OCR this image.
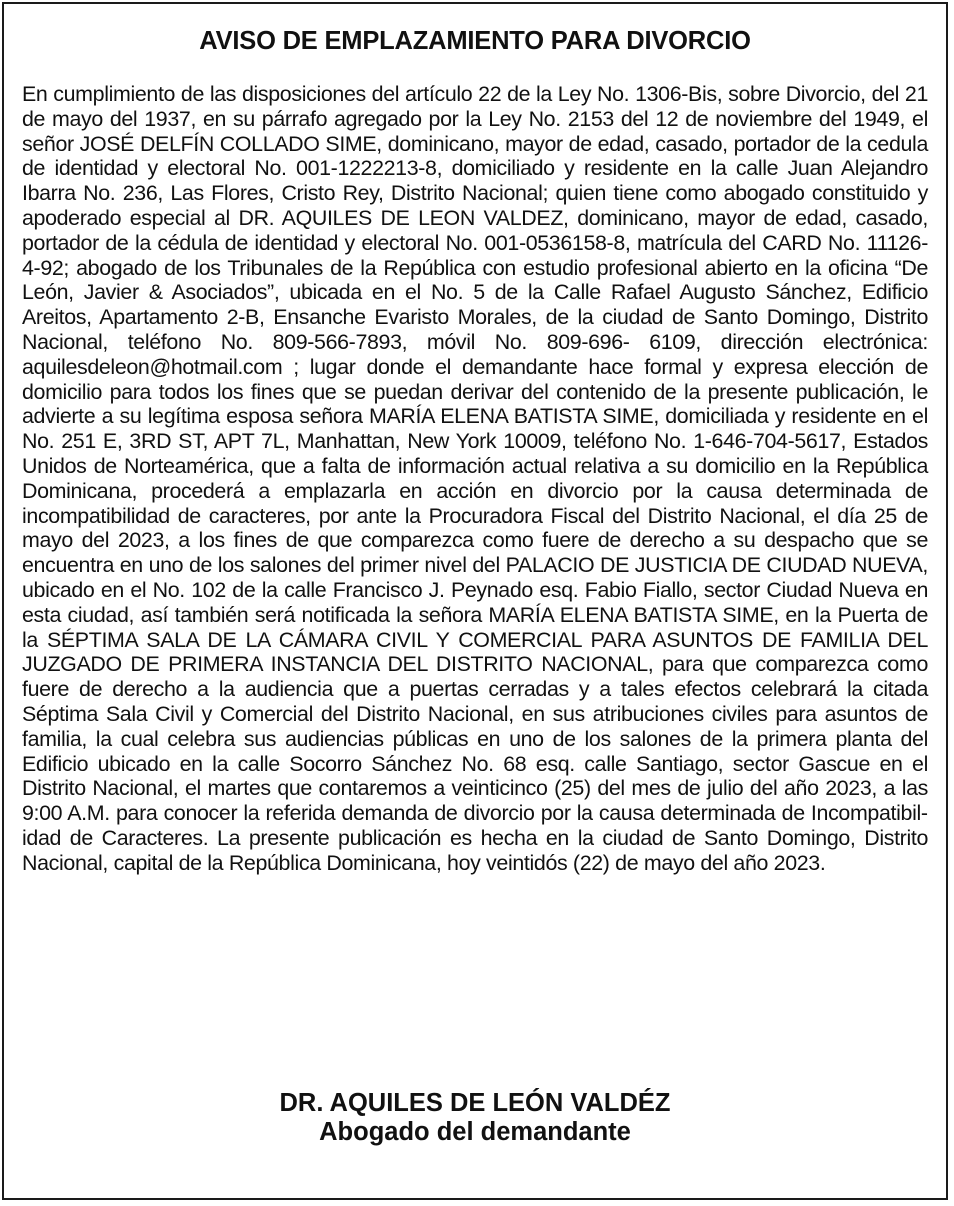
AVISO DE EMPLAZAMIENTO PARA DIVORCIO
En cumplimiento de las disposiciones del artículo 22 de la Ley No. 1306-Bis, sobre Divorcio, del 21 de mayo del 1937, en su párrafo agregado por la Ley No. 2153 del 12 de noviembre del 1949, el señor JOSÉ DELFÍN COLLADO SIME, dominicano, mayor de edad, casado, portador de la cedula de identidad y electoral No. 001-1222213-8, domiciliado y residente en la calle Juan Alejandro Ibarra No. 236, Las Flores, Cristo Rey, Distrito Nacional; quien tiene como abogado constituido y apoderado especial al DR. AQUILES DE LEON VALDEZ, dominicano, mayor de edad, casado, portador de la cédula de identidad y electoral No. 001-0536158-8, matrícula del CARD No. 11126-4-92; abogado de los Tribunales de la República con estudio profesional abierto en la oficina “De León, Javier & Asociados”, ubicada en el No. 5 de la Calle Rafael Augusto Sánchez, Edificio Areitos, Apartamento 2-B, Ensanche Evaristo Morales, de la ciudad de Santo Domingo, Distrito Nacional, teléfono No. 809-566-7893, móvil No. 809-696- 6109, dirección electrónica: aquilesdeleon@hotmail.com ; lugar donde el demandante hace formal y expresa elección de domicilio para todos los fines que se puedan derivar del contenido de la presente publicación, le advierte a su legítima esposa señora MARÍA ELENA BATISTA SIME, domiciliada y residente en el No. 251 E, 3RD ST, APT 7L, Manhattan, New York 10009, teléfono No. 1-646-704-5617, Estados Unidos de Norteamérica, que a falta de información actual relativa a su domicilio en la República Dominicana, procederá a emplazarla en acción en divorcio por la causa determinada de incompatibilidad de caracteres, por ante la Procuradora Fiscal del Distrito Nacional, el día 25 de mayo del 2023, a los fines de que comparezca como fuere de derecho a su despacho que se encuentra en uno de los salones del primer nivel del PALACIO DE JUSTICIA DE CIUDAD NUEVA, ubicado en el No. 102 de la calle Francisco J. Peynado esq. Fabio Fiallo, sector Ciudad Nueva en esta ciudad, así también será notificada la señora MARÍA ELENA BATISTA SIME, en la Puerta de la SÉPTIMA SALA DE LA CÁMARA CIVIL Y COMERCIAL PARA ASUNTOS DE FAMILIA DEL JUZGADO DE PRIMERA INSTANCIA DEL DISTRITO NACIONAL, para que comparezca como fuere de derecho a la audiencia que a puertas cerradas y a tales efectos celebrará la citada Séptima Sala Civil y Comercial del Distrito Nacional, en sus atribuciones civiles para asuntos de familia, la cual celebra sus audiencias públicas en uno de los salones de la primera planta del Edificio ubicado en la calle Socorro Sánchez No. 68 esq. calle Santiago, sector Gascue en el Distrito Nacional, el martes que contaremos a veinticinco (25) del mes de julio del año 2023, a las 9:00 A.M. para conocer la referida demanda de divorcio por la causa determinada de Incompatibilidad de Caracteres. La presente publicación es hecha en la ciudad de Santo Domingo, Distrito Nacional, capital de la República Dominicana, hoy veintidós (22) de mayo del año 2023.
DR. AQUILES DE LEÓN VALDÉZ
Abogado del demandante
